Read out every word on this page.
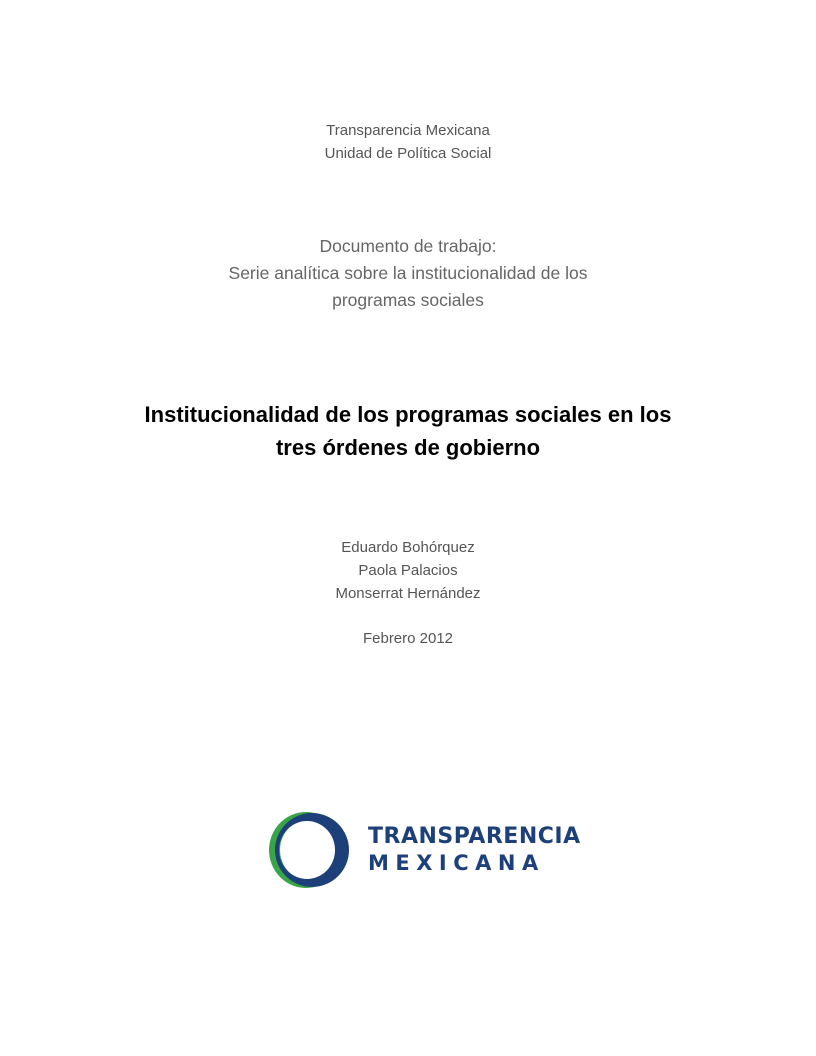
Transparencia Mexicana
Unidad de Política Social
Documento de trabajo:
Serie analítica sobre la institucionalidad de los
programas sociales
Institucionalidad de los programas sociales en los
tres órdenes de gobierno
Eduardo Bohórquez
Paola Palacios
Monserrat Hernández
Febrero 2012
TRANSPARENCIA
MEXICANA
